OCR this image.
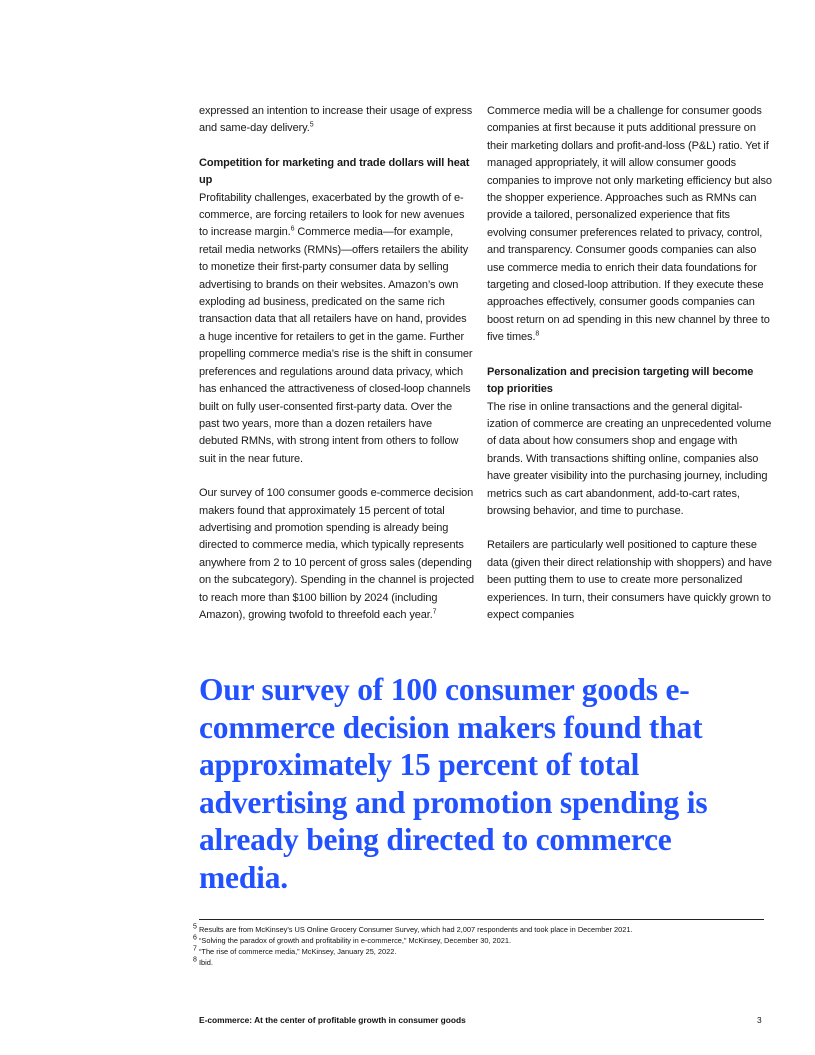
expressed an intention to increase their usage of express and same-day delivery.$^5$

Competition for marketing and trade dollars will heat up

Profitability challenges, exacerbated by the growth of e-commerce, are forcing retailers to look for new avenues to increase margin.$^6$ Commerce media—for example, retail media networks (RMNs)—offers retailers the ability to monetize their first-party consumer data by selling advertising to brands on their websites. Amazon’s own exploding ad business, predicated on the same rich transaction data that all retailers have on hand, provides a huge incentive for retailers to get in the game. Further propelling commerce media’s rise is the shift in consumer preferences and regulations around data privacy, which has enhanced the attractiveness of closed-loop channels built on fully user-consented first-party data. Over the past two years, more than a dozen retailers have debuted RMNs, with strong intent from others to follow suit in the near future.

Our survey of 100 consumer goods e-commerce decision makers found that approximately 15 percent of total advertising and promotion spending is already being directed to commerce media, which typically represents anywhere from 2 to 10 percent of gross sales (depending on the subcategory). Spending in the channel is projected to reach more than $100 billion by 2024 (including Amazon), growing twofold to threefold each year.$^7$

Commerce media will be a challenge for consumer goods companies at first because it puts additional pressure on their marketing dollars and profit-and-loss (P&L) ratio. Yet if managed appropriately, it will allow consumer goods companies to improve not only marketing efficiency but also the shopper experience. Approaches such as RMNs can provide a tailored, personalized experience that fits evolving consumer preferences related to privacy, control, and transparency. Consumer goods companies can also use commerce media to enrich their data foundations for targeting and closed-loop attribution. If they execute these approaches effectively, consumer goods companies can boost return on ad spending in this new channel by three to five times.$^8$

Personalization and precision targeting will become top priorities

The rise in online transactions and the general digital-ization of commerce are creating an unprecedented volume of data about how consumers shop and engage with brands. With transactions shifting online, companies also have greater visibility into the purchasing journey, including metrics such as cart abandonment, add-to-cart rates, browsing behavior, and time to purchase.

Retailers are particularly well positioned to capture these data (given their direct relationship with shoppers) and have been putting them to use to create more personalized experiences. In turn, their consumers have quickly grown to expect companies

Our survey of 100 consumer goods e-commerce decision makers found that approximately 15 percent of total advertising and promotion spending is already being directed to commerce media.

$^5$ Results are from McKinsey’s US Online Grocery Consumer Survey, which had 2,007 respondents and took place in December 2021.
$^6$ “Solving the paradox of growth and profitability in e-commerce,” McKinsey, December 30, 2021.
$^7$ “The rise of commerce media,” McKinsey, January 25, 2022.
$^8$ Ibid.
E-commerce: At the center of profitable growth in consumer goods	3
